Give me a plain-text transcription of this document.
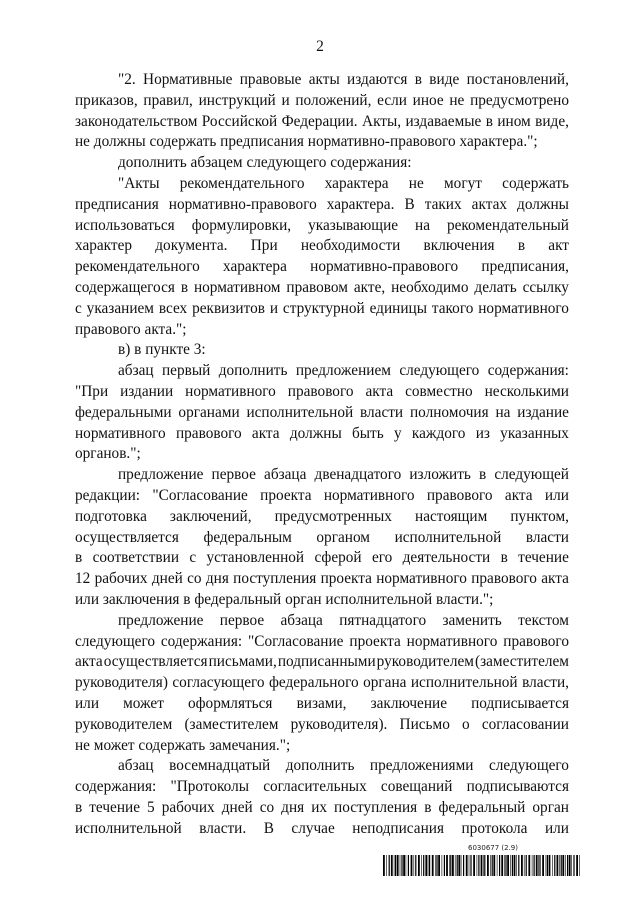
2
"2. Нормативные правовые акты издаются в виде постановлений,
приказов, правил, инструкций и положений, если иное не предусмотрено
законодательством Российской Федерации. Акты, издаваемые в ином виде,
не должны содержать предписания нормативно-правового характера.";
дополнить абзацем следующего содержания:
"Акты рекомендательного характера не могут содержать
предписания нормативно-правового характера. В таких актах должны
использоваться формулировки, указывающие на рекомендательный
характер документа. При необходимости включения в акт
рекомендательного характера нормативно-правового предписания,
содержащегося в нормативном правовом акте, необходимо делать ссылку
с указанием всех реквизитов и структурной единицы такого нормативного
правового акта.";
в) в пункте 3:
абзац первый дополнить предложением следующего содержания:
"При издании нормативного правового акта совместно несколькими
федеральными органами исполнительной власти полномочия на издание
нормативного правового акта должны быть у каждого из указанных
органов.";
предложение первое абзаца двенадцатого изложить в следующей
редакции: "Согласование проекта нормативного правового акта или
подготовка заключений, предусмотренных настоящим пунктом,
осуществляется федеральным органом исполнительной власти
в соответствии с установленной сферой его деятельности в течение
12 рабочих дней со дня поступления проекта нормативного правового акта
или заключения в федеральный орган исполнительной власти.";
предложение первое абзаца пятнадцатого заменить текстом
следующего содержания: "Согласование проекта нормативного правового
акта осуществляется письмами, подписанными руководителем (заместителем
руководителя) согласующего федерального органа исполнительной власти,
или может оформляться визами, заключение подписывается
руководителем (заместителем руководителя). Письмо о согласовании
не может содержать замечания.";
абзац восемнадцатый дополнить предложениями следующего
содержания: "Протоколы согласительных совещаний подписываются
в течение 5 рабочих дней со дня их поступления в федеральный орган
исполнительной власти. В случае неподписания протокола или
6030677 (2.9)
